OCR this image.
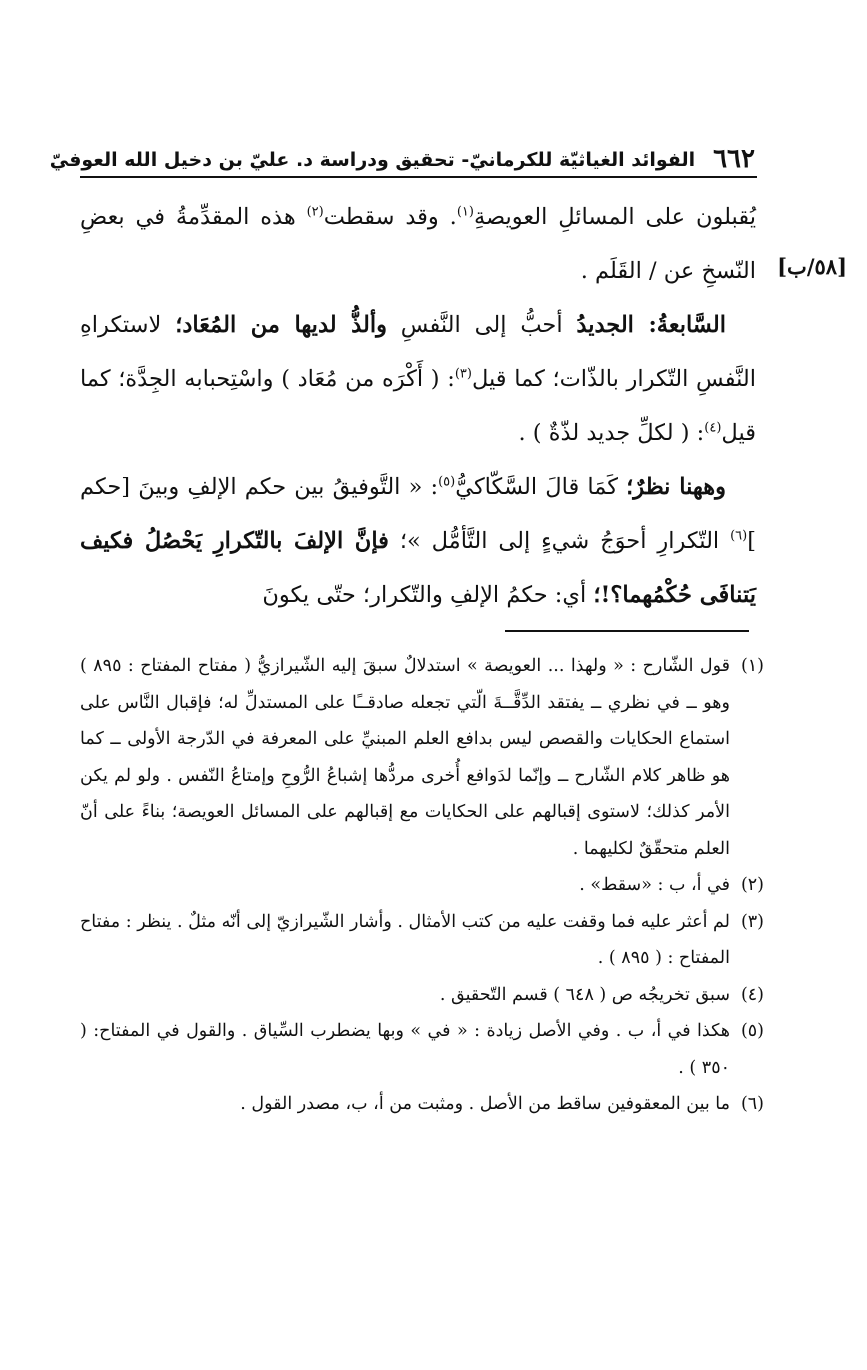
٦٦٢
الفوائد الغياثيّة للكرمانيّ- تحقيق ودراسة د. عليّ بن دخيل الله العوفيّ
[٥٨/ب]

يُقبلون على المسائلِ العويصةِ$^{(١)}$. وقد سقطت$^{(٢)}$ هذه المقدِّمةُ في بعضِ النّسخِ عن / القَلَم .

السَّابعةُ: الجديدُ أحبُّ إلى النَّفسِ وألذُّ لديها من المُعَاد؛ لاستكراهِ النَّفسِ التّكرار بالذّات؛ كما قيل$^{(٣)}$: ( أَكْرَه من مُعَاد ) واسْتِحبابه الجِدَّة؛ كما قيل$^{(٤)}$: ( لكلِّ جديد لذّةٌ ) .

وههنا نظرٌ؛ كَمَا قالَ السَّكّاكيُّ$^{(٥)}$: « التَّوفيقُ بين حكم الإلفِ وبينَ [حكم ]$^{(٦)}$ التّكرارِ أحوَجُ شيءٍ إلى التَّأمُّل »؛ فإنَّ الإلفَ بالتّكرارِ يَحْصُلُ فكيف يَتنافَى حُكْمُهما؟!؛ أي: حكمُ الإلفِ والتّكرار؛ حتّى يكونَ

(١)
قول الشّارح : « ولهذا ... العويصة » استدلالٌ سبقَ إليه الشّيرازيُّ ( مفتاح المفتاح : ٨٩٥ ) وهو ــ في نظري ــ يفتقد الدِّقَّــةَ الّتي تجعله صادقــًا على المستدلِّ له؛ فإقبال النَّاس على استماع الحكايات والقصص ليس بدافع العلم المبنيِّ على المعرفة في الدّرجة الأولى ــ كما هو ظاهر كلام الشّارح ــ وإنّما لدَوافع أُخرى مردُّها إشباعُ الرُّوحِ وإمتاعُ النّفس . ولو لم يكن الأمر كذلك؛ لاستوى إقبالهم على الحكايات مع إقبالهم على المسائل العويصة؛ بناءً على أنّ العلم متحقّقٌ لكليهما .

(٢)
في أ، ب : «سقط» .

(٣)
لم أعثر عليه فما وقفت عليه من كتب الأمثال . وأشار الشّيرازيّ إلى أنّه مثلٌ . ينظر : مفتاح المفتاح : ( ٨٩٥ ) .

(٤)
سبق تخريجُه ص ( ٦٤٨ ) قسم التّحقيق .

(٥)
هكذا في أ، ب . وفي الأصل زيادة : « في » وبها يضطرب السِّياق . والقول في المفتاح: ( ٣٥٠ ) .

(٦)
ما بين المعقوفين ساقط من الأصل . ومثبت من أ، ب، مصدر القول .
